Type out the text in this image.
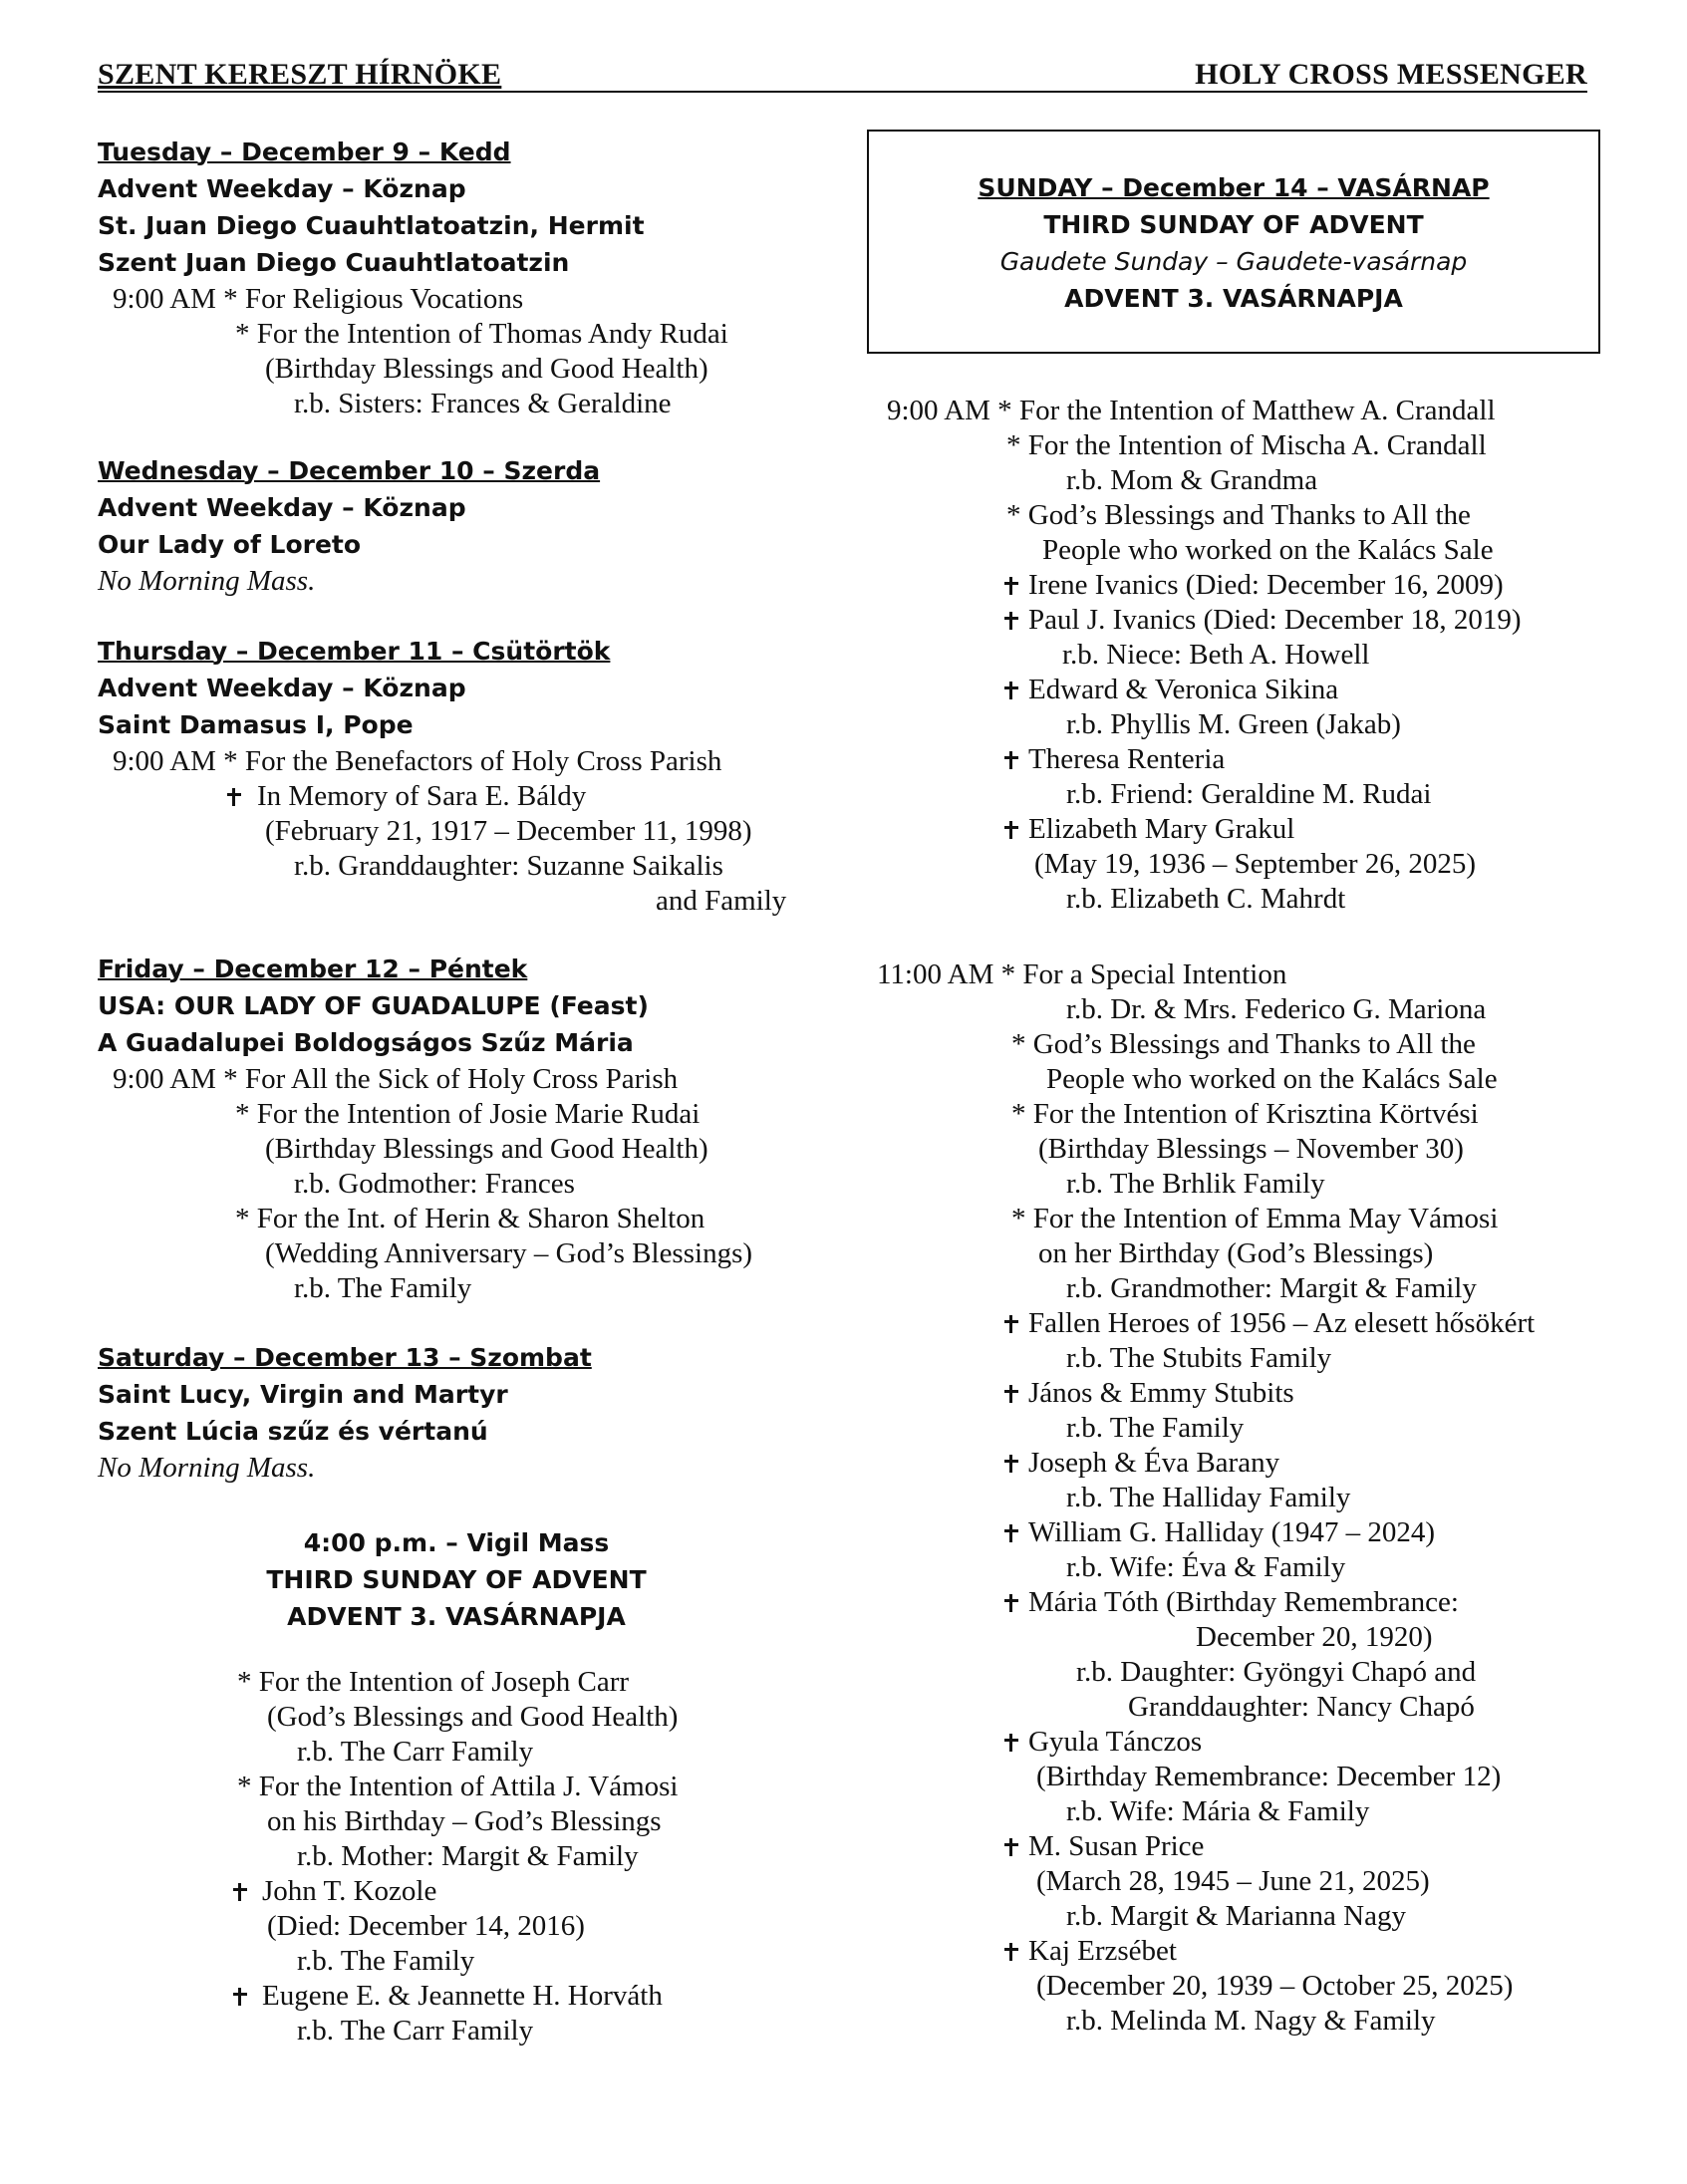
SZENT KERESZT HÍRNÖKE	HOLY CROSS MESSENGER
Tuesday – December 9 – Kedd
Advent Weekday – Köznap
St. Juan Diego Cuauhtlatoatzin, Hermit
Szent Juan Diego Cuauhtlatoatzin
9:00 AM * For Religious Vocations
* For the Intention of Thomas Andy Rudai
(Birthday Blessings and Good Health)
r.b. Sisters: Frances & Geraldine
Wednesday – December 10 – Szerda
Advent Weekday – Köznap
Our Lady of Loreto
No Morning Mass.
Thursday – December 11 – Csütörtök
Advent Weekday – Köznap
Saint Damasus I, Pope
9:00 AM * For the Benefactors of Holy Cross Parish
In Memory of Sara E. Báldy
(February 21, 1917 – December 11, 1998)
r.b. Granddaughter: Suzanne Saikalis
and Family
Friday – December 12 – Péntek
USA: OUR LADY OF GUADALUPE (Feast)
A Guadalupei Boldogságos Szűz Mária
9:00 AM * For All the Sick of Holy Cross Parish
* For the Intention of Josie Marie Rudai
(Birthday Blessings and Good Health)
r.b. Godmother: Frances
* For the Int. of Herin & Sharon Shelton
(Wedding Anniversary – God’s Blessings)
r.b. The Family
Saturday – December 13 – Szombat
Saint Lucy, Virgin and Martyr
Szent Lúcia szűz és vértanú
No Morning Mass.
4:00 p.m. – Vigil Mass
THIRD SUNDAY OF ADVENT
ADVENT 3. VASÁRNAPJA
* For the Intention of Joseph Carr
(God’s Blessings and Good Health)
r.b. The Carr Family
* For the Intention of Attila J. Vámosi
on his Birthday – God’s Blessings
r.b. Mother: Margit & Family
John T. Kozole
(Died: December 14, 2016)
r.b. The Family
Eugene E. & Jeannette H. Horváth
r.b. The Carr Family
SUNDAY – December 14 – VASÁRNAP
THIRD SUNDAY OF ADVENT
Gaudete Sunday – Gaudete-vasárnap
ADVENT 3. VASÁRNAPJA
9:00 AM * For the Intention of Matthew A. Crandall
* For the Intention of Mischa A. Crandall
r.b. Mom & Grandma
* God’s Blessings and Thanks to All the
People who worked on the Kalács Sale
Irene Ivanics (Died: December 16, 2009)
Paul J. Ivanics (Died: December 18, 2019)
r.b. Niece: Beth A. Howell
Edward & Veronica Sikina
r.b. Phyllis M. Green (Jakab)
Theresa Renteria
r.b. Friend: Geraldine M. Rudai
Elizabeth Mary Grakul
(May 19, 1936 – September 26, 2025)
r.b. Elizabeth C. Mahrdt
11:00 AM * For a Special Intention
r.b. Dr. & Mrs. Federico G. Mariona
* God’s Blessings and Thanks to All the
People who worked on the Kalács Sale
* For the Intention of Krisztina Körtvési
(Birthday Blessings – November 30)
r.b. The Brhlik Family
* For the Intention of Emma May Vámosi
on her Birthday (God’s Blessings)
r.b. Grandmother: Margit & Family
Fallen Heroes of 1956 – Az elesett hősökért
r.b. The Stubits Family
János & Emmy Stubits
r.b. The Family
Joseph & Éva Barany
r.b. The Halliday Family
William G. Halliday (1947 – 2024)
r.b. Wife: Éva & Family
Mária Tóth (Birthday Remembrance:
December 20, 1920)
r.b. Daughter: Gyöngyi Chapó and
Granddaughter: Nancy Chapó
Gyula Tánczos
(Birthday Remembrance: December 12)
r.b. Wife: Mária & Family
M. Susan Price
(March 28, 1945 – June 21, 2025)
r.b. Margit & Marianna Nagy
Kaj Erzsébet
(December 20, 1939 – October 25, 2025)
r.b. Melinda M. Nagy & Family
